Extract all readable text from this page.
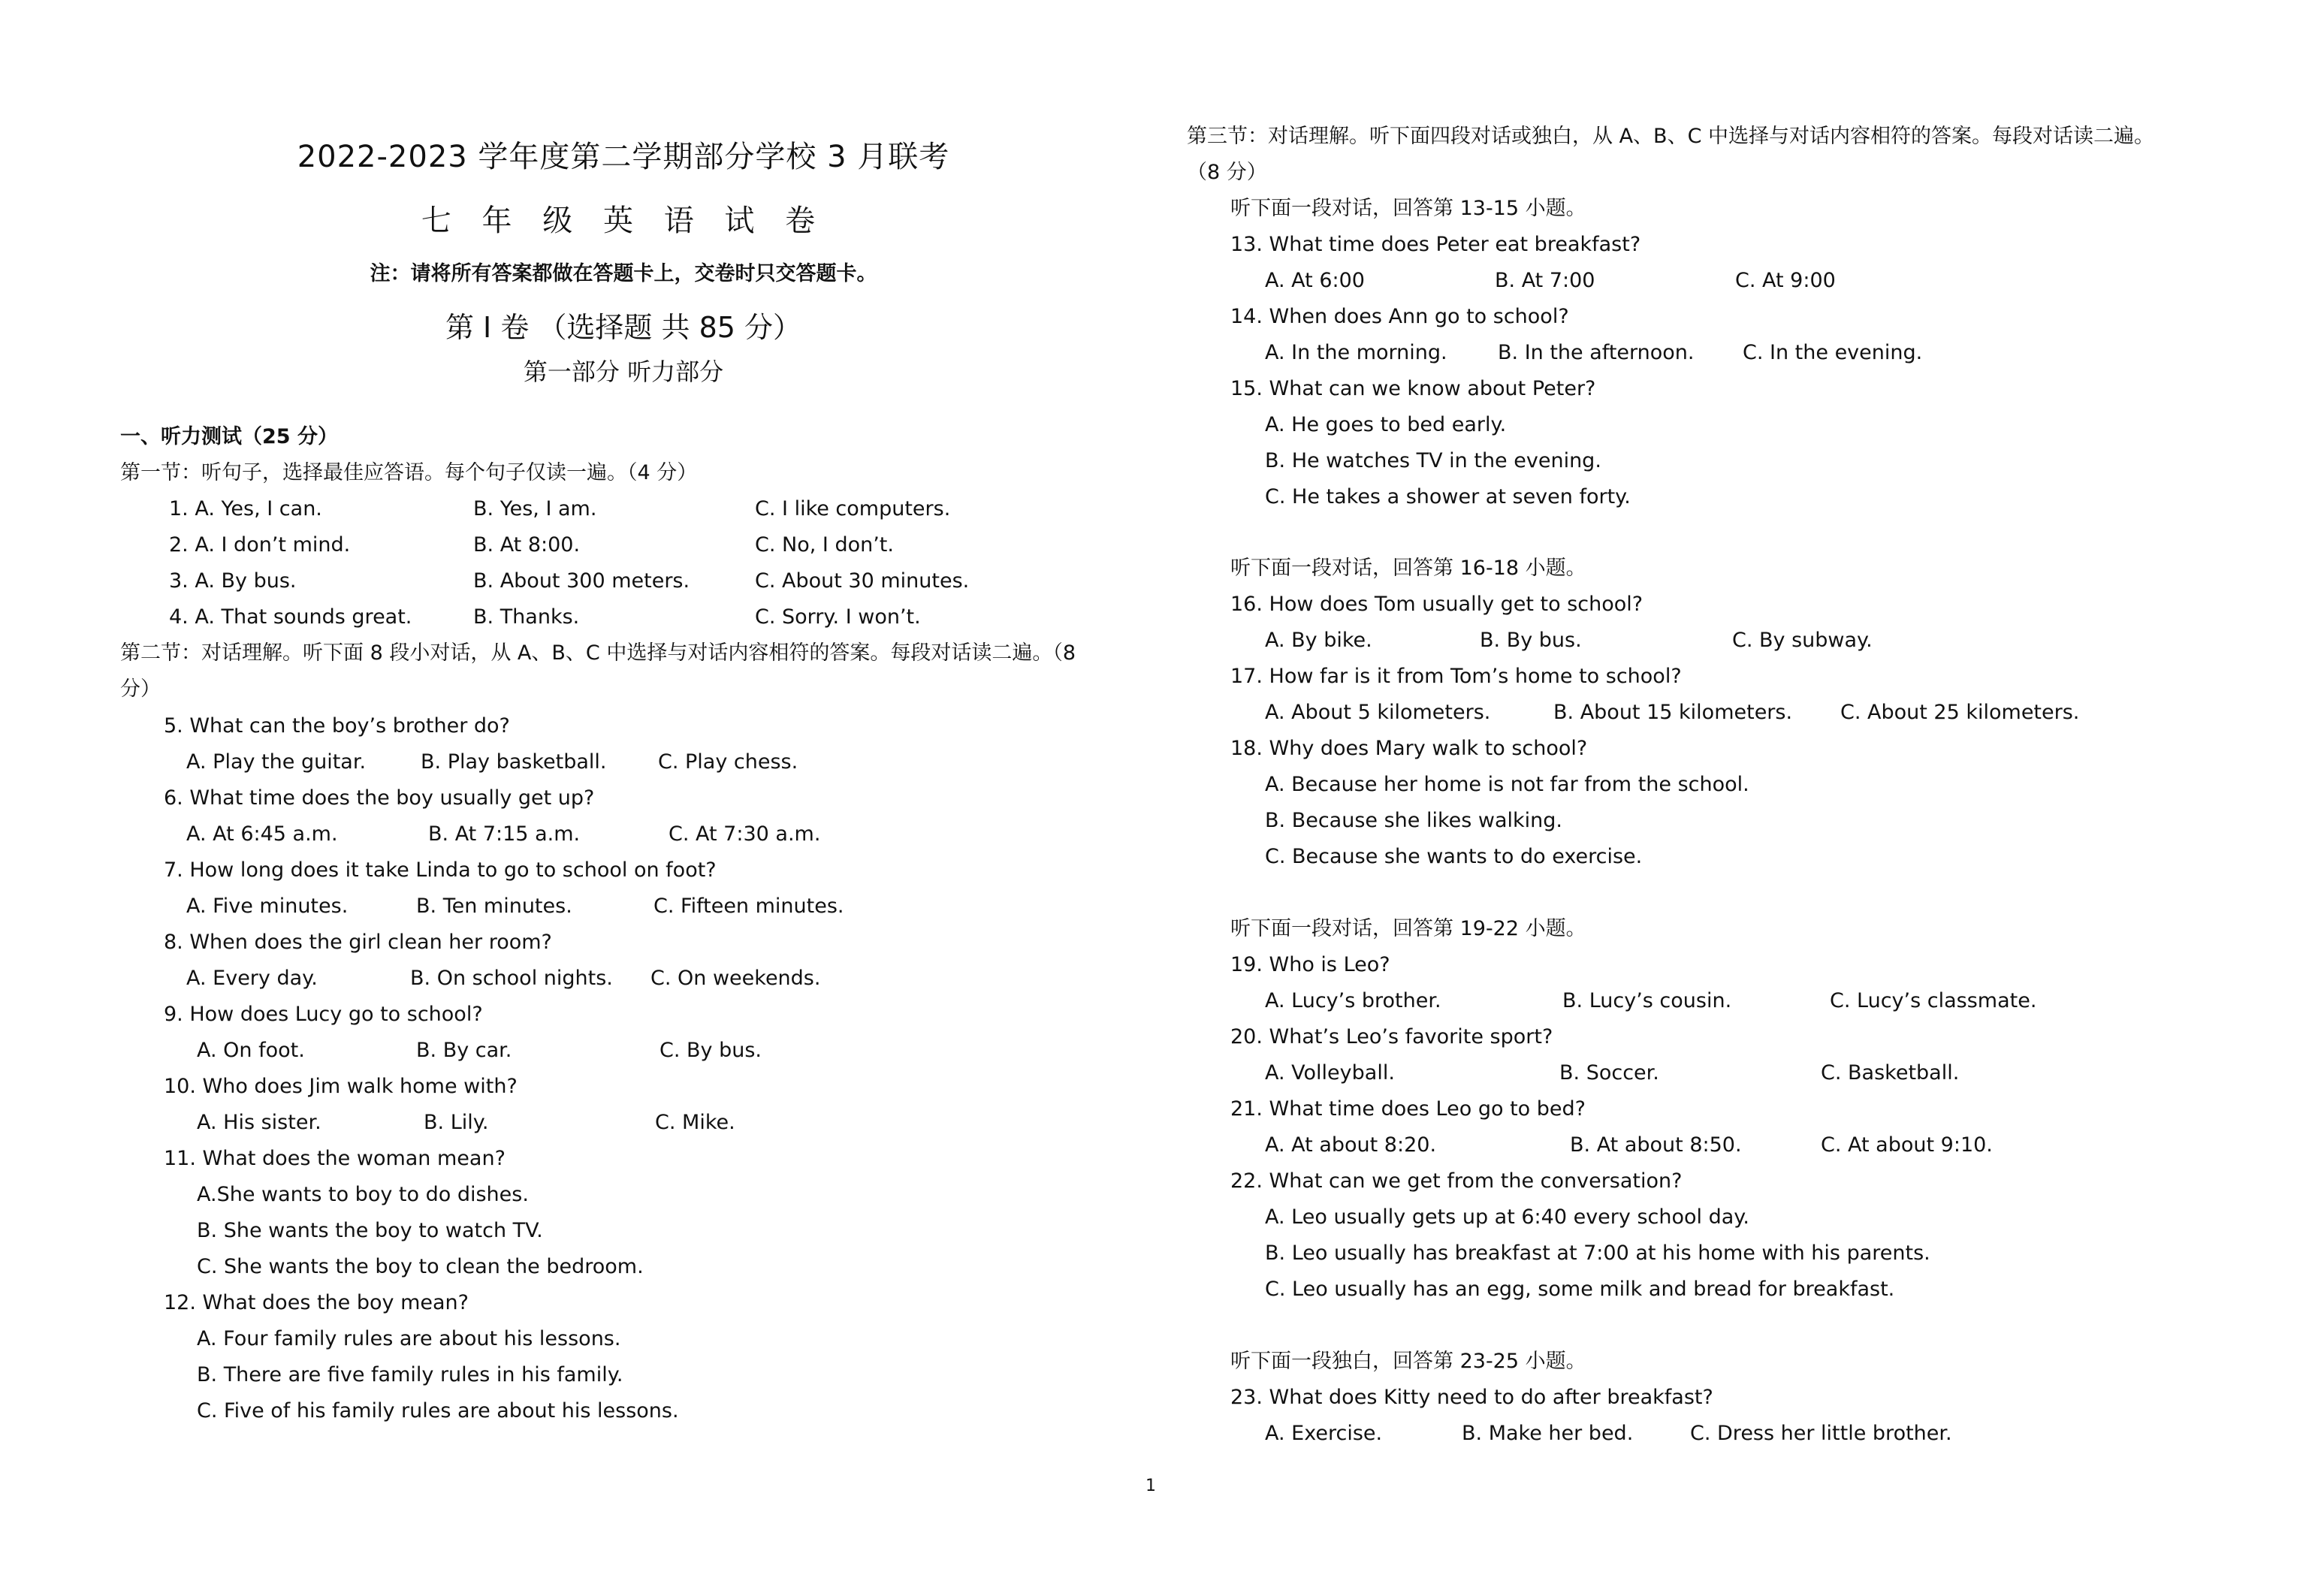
2022-2023 学年度第二学期部分学校 3 月联考
七 年 级 英 语 试 卷
注：请将所有答案都做在答题卡上，交卷时只交答题卡。
第 I 卷 （选择题 共 85 分）
第一部分 听力部分
一、听力测试（25 分）
第一节：听句子，选择最佳应答语。每个句子仅读一遍。（4 分）
1. A. Yes, I can.	B. Yes, I am.	C. I like computers.
2. A. I don’t mind.	B. At 8:00.	C. No, I don’t.
3. A. By bus.	B. About 300 meters.	C. About 30 minutes.
4. A. That sounds great.	B. Thanks.	C. Sorry. I won’t.
第二节：对话理解。听下面 8 段小对话，从 A、B、C 中选择与对话内容相符的答案。每段对话读二遍。（8
分）
5. What can the boy’s brother do?
A. Play the guitar.	B. Play basketball.	C. Play chess.
6. What time does the boy usually get up?
A. At 6:45 a.m.	B. At 7:15 a.m.	C. At 7:30 a.m.
7. How long does it take Linda to go to school on foot?
A. Five minutes.	B. Ten minutes.	C. Fifteen minutes.
8. When does the girl clean her room?
A. Every day.	B. On school nights. C. On weekends.
9. How does Lucy go to school?
A. On foot.	B. By car.	C. By bus.
10. Who does Jim walk home with?
A. His sister.	B. Lily.	C. Mike.
11. What does the woman mean?
A.She wants to boy to do dishes.
B. She wants the boy to watch TV.
C. She wants the boy to clean the bedroom.
12. What does the boy mean?
A. Four family rules are about his lessons.
B. There are five family rules in his family.
C. Five of his family rules are about his lessons.
第三节：对话理解。听下面四段对话或独白，从 A、B、C 中选择与对话内容相符的答案。每段对话读二遍。
（8 分）
听下面一段对话，回答第 13-15 小题。
13. What time does Peter eat breakfast?
A. At 6:00	B. At 7:00	C. At 9:00
14. When does Ann go to school?
A. In the morning. B. In the afternoon. C. In the evening.
15. What can we know about Peter?
A. He goes to bed early.
B. He watches TV in the evening.
C. He takes a shower at seven forty.
听下面一段对话，回答第 16-18 小题。
16. How does Tom usually get to school?
A. By bike.	B. By bus.	C. By subway.
17. How far is it from Tom’s home to school?
A. About 5 kilometers.	B. About 15 kilometers. C. About 25 kilometers.
18. Why does Mary walk to school?
A. Because her home is not far from the school.
B. Because she likes walking.
C. Because she wants to do exercise.
听下面一段对话，回答第 19-22 小题。
19. Who is Leo?
A. Lucy’s brother.	B. Lucy’s cousin.	C. Lucy’s classmate.
20. What’s Leo’s favorite sport?
A. Volleyball.	B. Soccer.	C. Basketball.
21. What time does Leo go to bed?
A. At about 8:20.	B. At about 8:50.	C. At about 9:10.
22. What can we get from the conversation?
A. Leo usually gets up at 6:40 every school day.
B. Leo usually has breakfast at 7:00 at his home with his parents.
C. Leo usually has an egg, some milk and bread for breakfast.
听下面一段独白，回答第 23-25 小题。
23. What does Kitty need to do after breakfast?
A. Exercise.	B. Make her bed.	C. Dress her little brother.
1
